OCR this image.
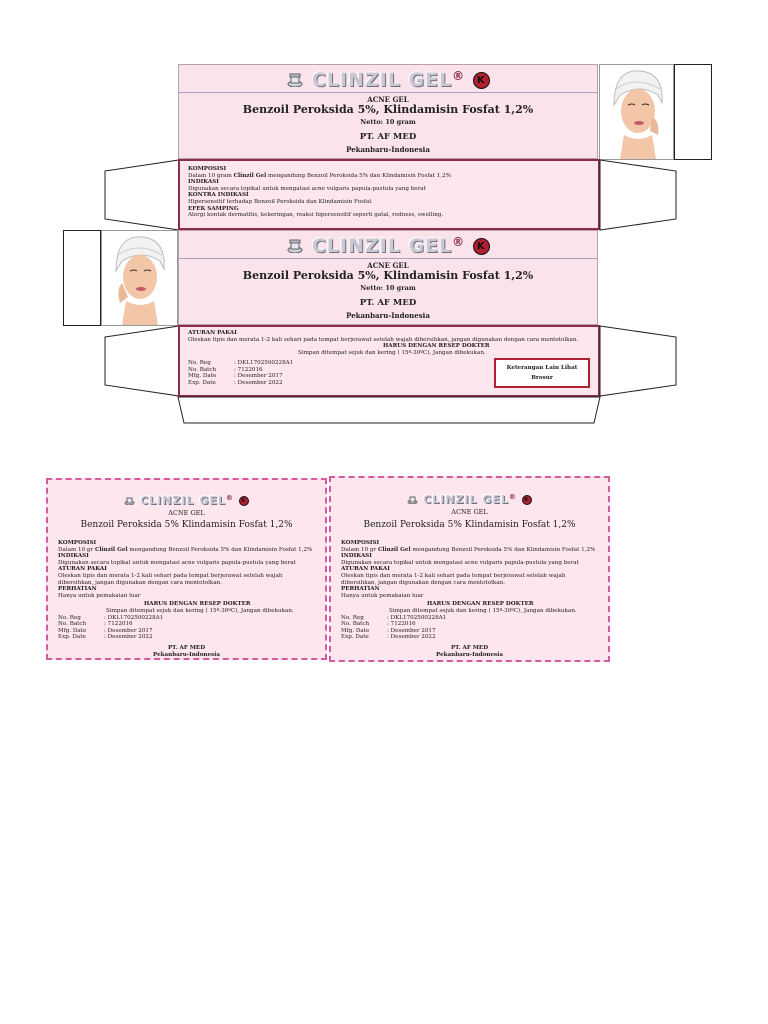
CLINZIL GEL® K
ACNE GEL
Benzoil Peroksida 5%, Klindamisin Fosfat 1,2%
Netto: 10 gram
PT. AF MED
Pekanbaru-Indonesia
KOMPOSISI
Dalam 10 gram Clinzil Gel mengandung Benzoil Peroksida 5% dan Klindamisin Fosfat 1,2%
INDIKASI
Digunakan secara topikal untuk mengatasi acne vulgaris papula-pustula yang berat
KONTRA INDIKASI
Hipersensitif terhadap Benzoil Peroksida dan Klindamisin Fosfat
EFEK SAMPING
Alergi kontak dermatitis, kekeringan, reaksi hipersensitif seperti gatal, redness, swelling.
CLINZIL GEL® K
ACNE GEL
Benzoil Peroksida 5%, Klindamisin Fosfat 1,2%
Netto: 10 gram
PT. AF MED
Pekanbaru-Indonesia
ATURAN PAKAI
Oleskan tipis dan merata 1-2 kali sehari pada tempat berjerawat setelah wajah dibersihkan, jangan digunakan dengan cara mentotolkan.
HARUS DENGAN RESEP DOKTER
Simpan ditempat sejuk dan kering ( 15º-30ºC), Jangan dibekukan.
No. Reg	: DKL1702500228A1
No. Batch	: 7122016
Mfg. Date	: Desember 2017
Exp. Date	: Desember 2022
Keterangan Lain Lihat
Brosur
CLINZIL GEL® K
ACNE GEL
Benzoil Peroksida 5% Klindamisin Fosfat 1,2%
KOMPOSISI
Dalam 10 gr Clinzil Gel mengandung Benzoil Peroksida 5% dan Klindamisin Fosfat 1,2%
INDIKASI
Digunakan secara topikal untuk mengatasi acne vulgaris papula-pustula yang berat
ATURAN PAKAI
Oleskan tipis dan merata 1-2 kali sehari pada tempat berjerawat setelah wajah dibersihkan, jangan digunakan dengan cara mentotolkan.
PERHATIAN
Hanya untuk pemakaian luar
HARUS DENGAN RESEP DOKTER
Simpan ditempat sejuk dan kering ( 15º-30ºC), Jangan dibekukan.
No. Reg	: DKL1702500228A1
No. Batch	: 7122016
Mfg. Date	: Desember 2017
Exp. Date	: Desember 2022
PT. AF MED
Pekanbaru-Indonesia
CLINZIL GEL® K
ACNE GEL
Benzoil Peroksida 5% Klindamisin Fosfat 1,2%
KOMPOSISI
Dalam 10 gr Clinzil Gel mengandung Benzoil Peroksida 5% dan Klindamisin Fosfat 1,2%
INDIKASI
Digunakan secara topikal untuk mengatasi acne vulgaris papula-pustula yang berat
ATURAN PAKAI
Oleskan tipis dan merata 1-2 kali sehari pada tempat berjerawat setelah wajah dibersihkan, jangan digunakan dengan cara mentotolkan.
PERHATIAN
Hanya untuk pemakaian luar
HARUS DENGAN RESEP DOKTER
Simpan ditempat sejuk dan kering ( 15º-30ºC), Jangan dibekukan.
No. Reg	: DKL1702500228A1
No. Batch	: 7122016
Mfg. Date	: Desember 2017
Exp. Date	: Desember 2022
PT. AF MED
Pekanbaru-Indonesia
